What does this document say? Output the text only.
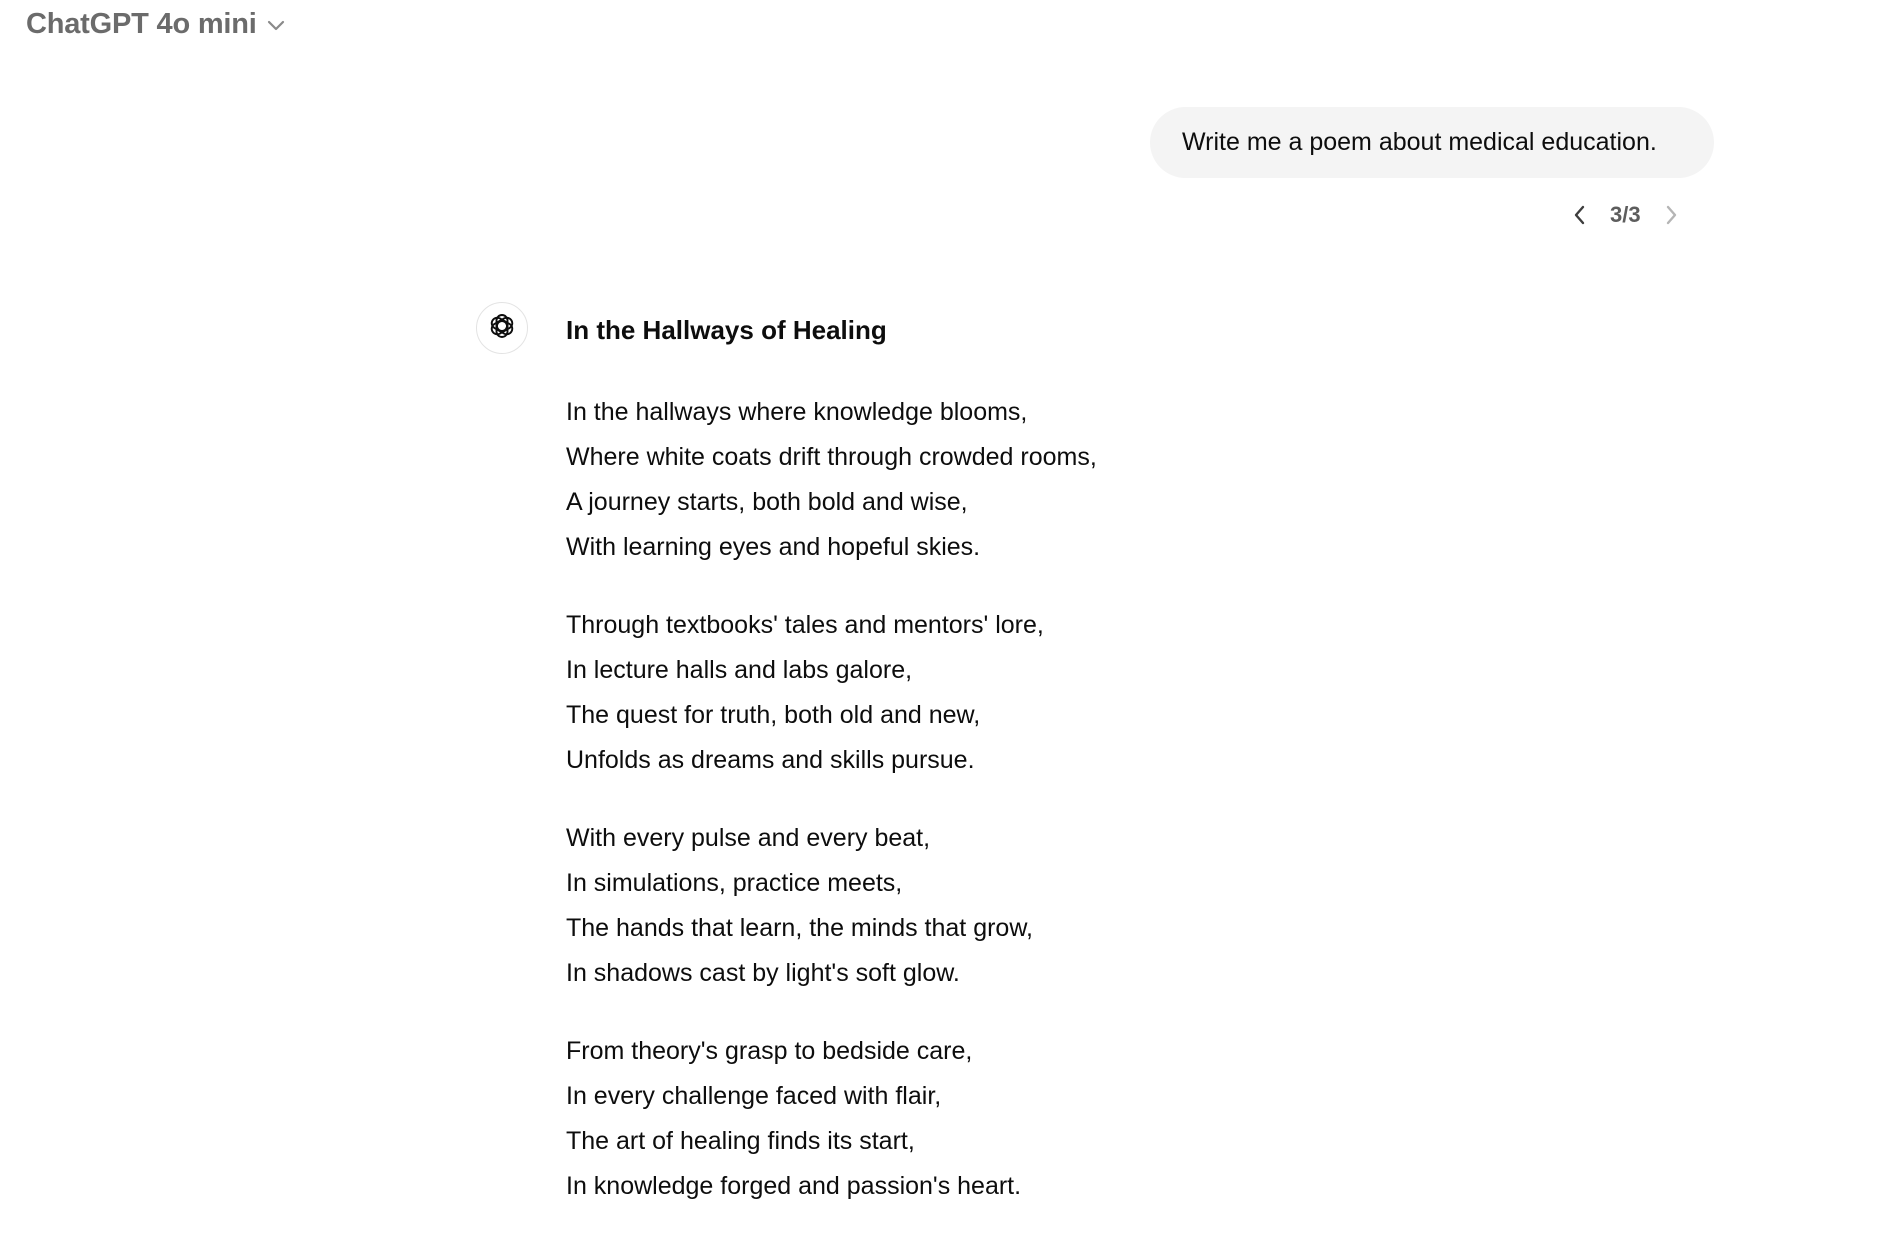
ChatGPT 4o mini
Write me a poem about medical education.
3/3
In the Hallways of Healing
In the hallways where knowledge blooms,
Where white coats drift through crowded rooms,
A journey starts, both bold and wise,
With learning eyes and hopeful skies.
Through textbooks' tales and mentors' lore,
In lecture halls and labs galore,
The quest for truth, both old and new,
Unfolds as dreams and skills pursue.
With every pulse and every beat,
In simulations, practice meets,
The hands that learn, the minds that grow,
In shadows cast by light's soft glow.
From theory's grasp to bedside care,
In every challenge faced with flair,
The art of healing finds its start,
In knowledge forged and passion's heart.
